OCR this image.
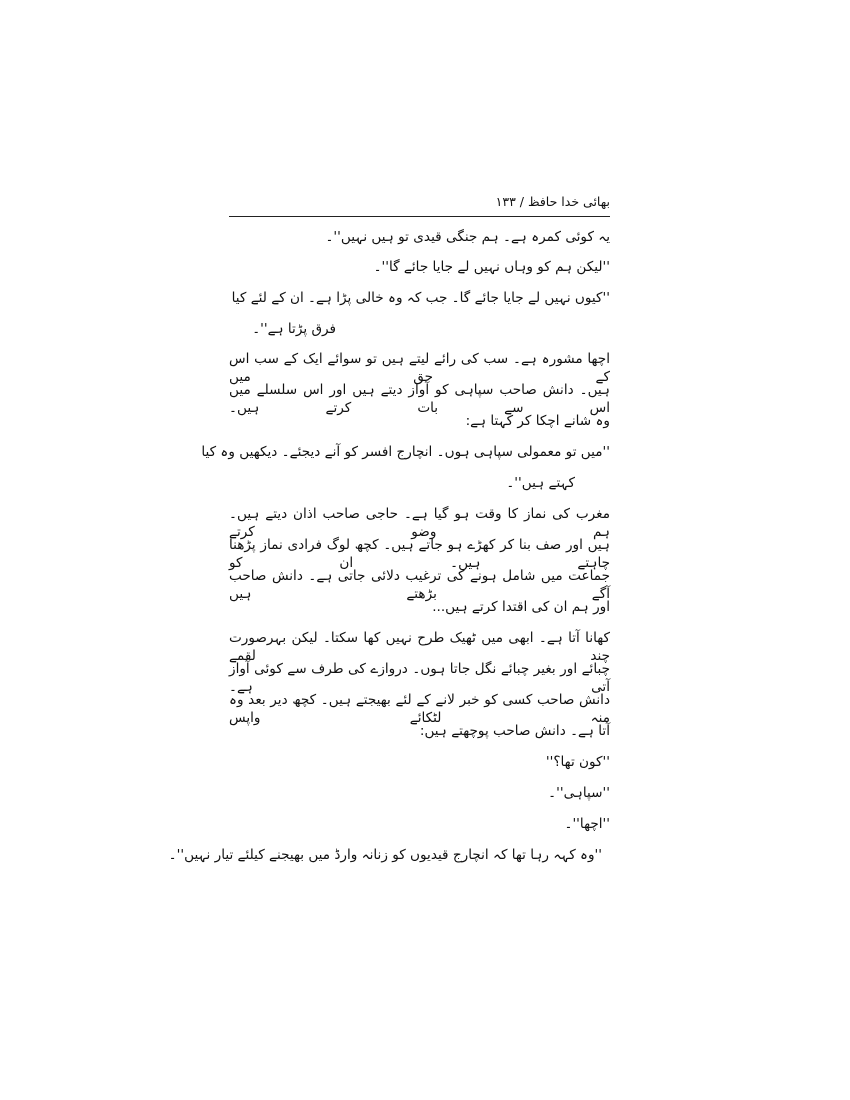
بھائی خدا حافظ / ۱۳۳
یہ کوئی کمرہ ہے۔ ہم جنگی قیدی تو ہیں نہیں''۔
''لیکن ہم کو وہاں نہیں لے جایا جائے گا''۔
''کیوں نہیں لے جایا جائے گا۔ جب کہ وہ خالی پڑا ہے۔ ان کے لئے کیا
فرق پڑتا ہے''۔
اچھا مشورہ ہے۔ سب کی رائے لیتے ہیں تو سوائے ایک کے سب اس کے حق میں
ہیں۔ دانش صاحب سپاہی کو آواز دیتے ہیں اور اس سلسلے میں اس سے بات کرتے ہیں۔
وہ شانے اچکا کر کہتا ہے:
''میں تو معمولی سپاہی ہوں۔ انچارج افسر کو آنے دیجئے۔ دیکھیں وہ کیا
کہتے ہیں''۔
مغرب کی نماز کا وقت ہو گیا ہے۔ حاجی صاحب اذان دیتے ہیں۔ ہم وضو کرتے
ہیں اور صف بنا کر کھڑے ہو جاتے ہیں۔ کچھ لوگ فرادی نماز پڑھنا چاہتے ہیں۔ ان کو
جماعت میں شامل ہونے کی ترغیب دلائی جاتی ہے۔ دانش صاحب آگے بڑھتے ہیں
اور ہم ان کی اقتدا کرتے ہیں...
کھانا آتا ہے۔ ابھی میں ٹھیک طرح نہیں کھا سکتا۔ لیکن بہرصورت چند لقمے
چبائے اور بغیر چبائے نگل جاتا ہوں۔ دروازے کی طرف سے کوئی آواز آتی ہے۔
دانش صاحب کسی کو خبر لانے کے لئے بھیجتے ہیں۔ کچھ دیر بعد وہ منہ لٹکائے واپس
آتا ہے۔ دانش صاحب پوچھتے ہیں:
''کون تھا؟''
''سپاہی''۔
''اچھا''۔
''وہ کہہ رہا تھا کہ انچارج قیدیوں کو زنانہ وارڈ میں بھیجنے کیلئے تیار نہیں''۔
